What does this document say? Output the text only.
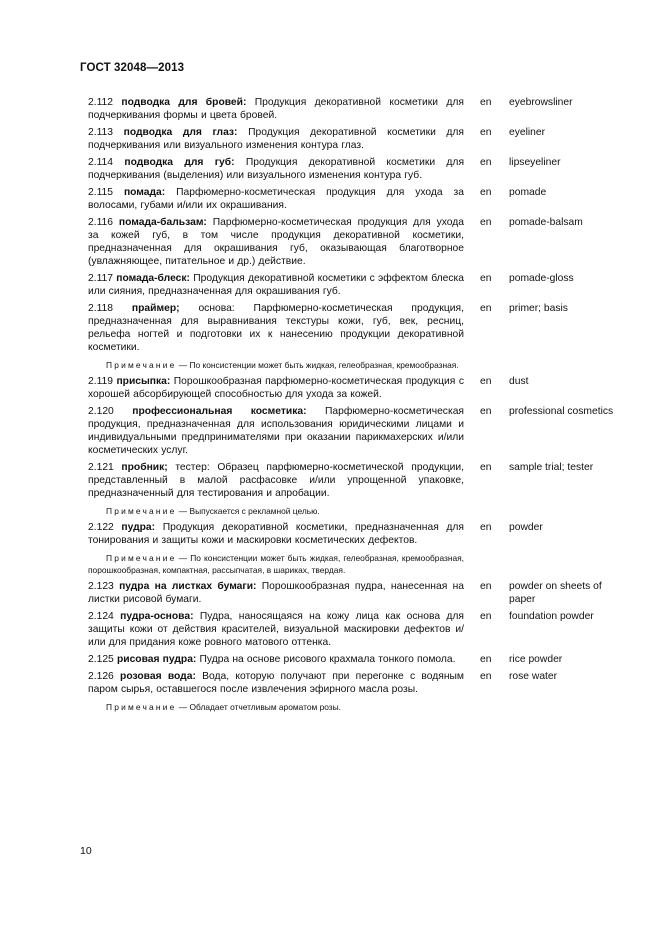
ГОСТ 32048—2013
2.112 подводка для бровей: Продукция декоративной косметики для подчеркивания формы и цвета бровей.
en eyebrowsliner
2.113 подводка для глаз: Продукция декоративной косметики для подчеркивания или визуального изменения контура глаз.
en eyeliner
2.114 подводка для губ: Продукция декоративной косметики для подчеркивания (выделения) или визуального изменения контура губ.
en lipseyeliner
2.115 помада: Парфюмерно-косметическая продукция для ухода за волосами, губами и/или их окрашивания.
en pomade
2.116 помада-бальзам: Парфюмерно-косметическая продукция для ухода за кожей губ, в том числе продукция декоративной косметики, предназначенная для окрашивания губ, оказывающая благотворное (увлажняющее, питательное и др.) действие.
en pomade-balsam
2.117 помада-блеск: Продукция декоративной косметики с эффектом блеска или сияния, предназначенная для окрашивания губ.
en pomade-gloss
2.118 праймер; основа: Парфюмерно-косметическая продукция, предназначенная для выравнивания текстуры кожи, губ, век, ресниц, рельефа ногтей и подготовки их к нанесению продукции декоративной косметики.
en primer; basis
Примечание — По консистенции может быть жидкая, гелеобразная, кремообразная.
2.119 присыпка: Порошкообразная парфюмерно-косметическая продукция с хорошей абсорбирующей способностью для ухода за кожей.
en dust
2.120 профессиональная косметика: Парфюмерно-косметическая продукция, предназначенная для использования юридическими лицами и индивидуальными предпринимателями при оказании парикмахерских и/или косметических услуг.
en professional cosmetics
2.121 пробник; тестер: Образец парфюмерно-косметической продукции, представленный в малой расфасовке и/или упрощенной упаковке, предназначенный для тестирования и апробации.
en sample trial; tester
Примечание — Выпускается с рекламной целью.
2.122 пудра: Продукция декоративной косметики, предназначенная для тонирования и защиты кожи и маскировки косметических дефектов.
en powder
Примечание — По консистенции может быть жидкая, гелеобразная, кремообразная, порошкообразная, компактная, рассыпчатая, в шариках, твердая.
2.123 пудра на листках бумаги: Порошкообразная пудра, нанесенная на листки рисовой бумаги.
en powder on sheets of paper
2.124 пудра-основа: Пудра, наносящаяся на кожу лица как основа для защиты кожи от действия красителей, визуальной маскировки дефектов и/или для придания коже ровного матового оттенка.
en foundation powder
2.125 рисовая пудра: Пудра на основе рисового крахмала тонкого помола.	en rice powder
2.126 розовая вода: Вода, которую получают при перегонке с водяным паром сырья, оставшегося после извлечения эфирного масла розы.
en rose water
Примечание — Обладает отчетливым ароматом розы.
10
